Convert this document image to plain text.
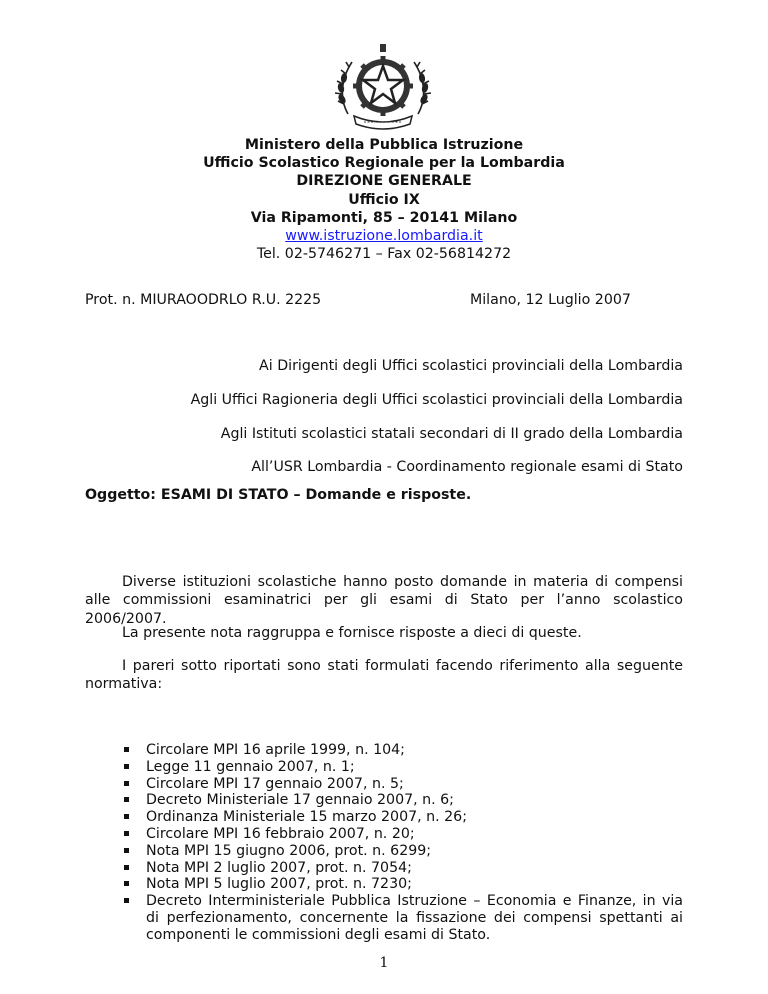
Ministero della Pubblica Istruzione
Ufficio Scolastico Regionale per la Lombardia
DIREZIONE GENERALE
Ufficio IX
Via Ripamonti, 85 – 20141 Milano
www.istruzione.lombardia.it
Tel. 02-5746271 – Fax 02-56814272
Prot. n. MIURAOODRLO R.U. 2225	Milano, 12 Luglio 2007
Ai Dirigenti degli Uffici scolastici provinciali della Lombardia
Agli Uffici Ragioneria degli Uffici scolastici provinciali della Lombardia
Agli Istituti scolastici statali secondari di II grado della Lombardia
All’USR Lombardia - Coordinamento regionale esami di Stato
Oggetto: ESAMI DI STATO – Domande e risposte.
Diverse istituzioni scolastiche hanno posto domande in materia di compensi alle commissioni esaminatrici per gli esami di Stato per l’anno scolastico 2006/2007.
La presente nota raggruppa e fornisce risposte a dieci di queste.
I pareri sotto riportati sono stati formulati facendo riferimento alla seguente normativa:
Circolare MPI 16 aprile 1999, n. 104;
Legge 11 gennaio 2007, n. 1;
Circolare MPI 17 gennaio 2007, n. 5;
Decreto Ministeriale 17 gennaio 2007, n. 6;
Ordinanza Ministeriale 15 marzo 2007, n. 26;
Circolare MPI 16 febbraio 2007, n. 20;
Nota MPI 15 giugno 2006, prot. n. 6299;
Nota MPI 2 luglio 2007, prot. n. 7054;
Nota MPI 5 luglio 2007, prot. n. 7230;
Decreto Interministeriale Pubblica Istruzione – Economia e Finanze, in via di perfezionamento, concernente la fissazione dei compensi spettanti ai componenti le commissioni degli esami di Stato.
1
